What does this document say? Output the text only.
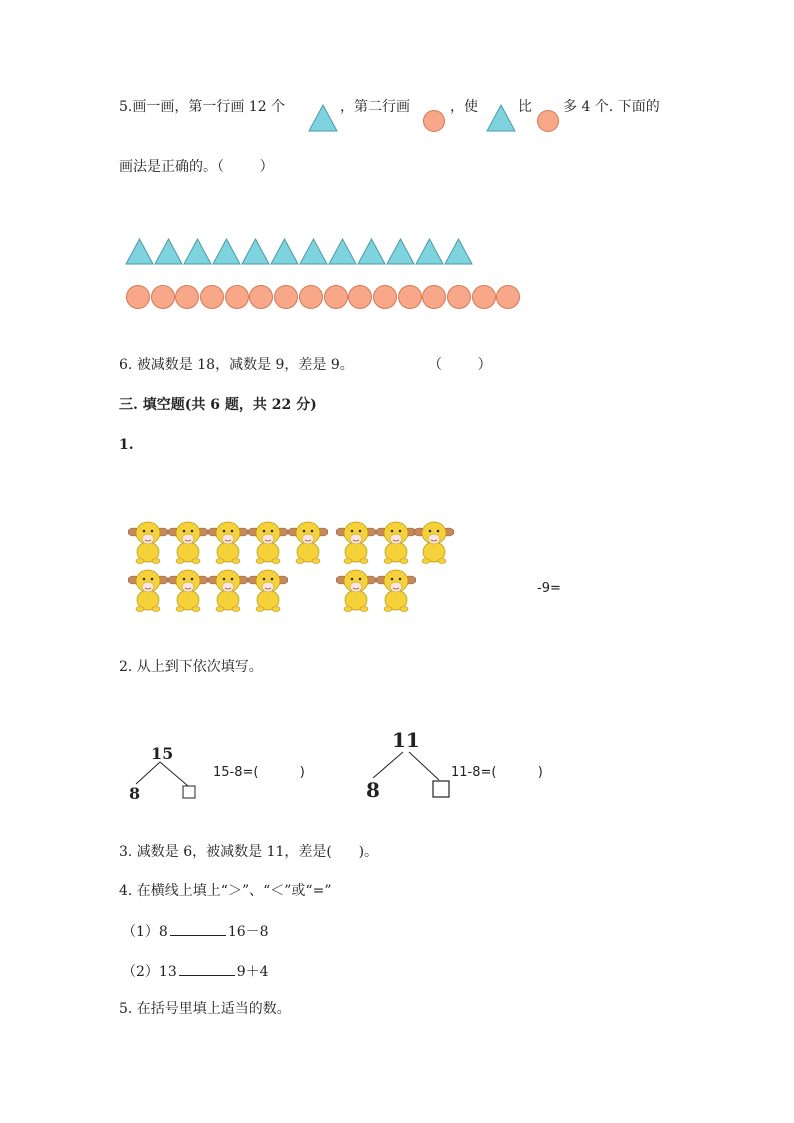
5.画一画，第一行画 12 个	，第二行画	，使	比 多 4 个. 下面的
画法是正确的。（        ）
6. 被减数是 18，减数是 9，差是 9。	（        ）
三. 填空题(共 6 题，共 22 分)
1.
-9=
2. 从上到下依次填写。
15
8
15-8=(          )
11
8
11-8=(          )
3. 减数是 6，被减数是 11，差是(      )。
4. 在横线上填上“＞”、“＜”或“=”
（1）8	16－8
（2）13	9＋4
5. 在括号里填上适当的数。
